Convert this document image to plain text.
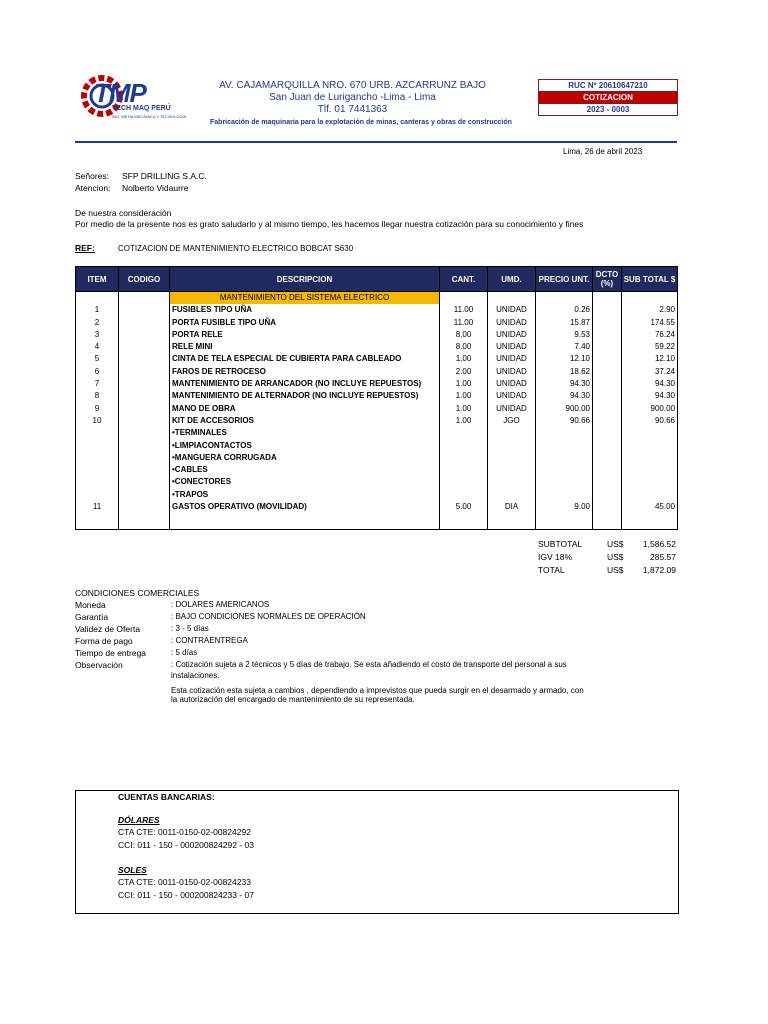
TMP
TECH MAQ PERÚ
ING. METALMECÁNICA Y TECNOLOGÍA
AV. CAJAMARQUILLA NRO. 670 URB. AZCARRUNZ BAJO
San Juan de Lurigancho -Lima - Lima
Tlf. 01 7441363
Fabricación de maquinaria para la explotación de minas, canteras y obras de construcción
RUC Nº 20610647210
COTIZACION
2023 - 0003
Lima, 26 de abril 2023
Señores: SFP DRILLING S.A.C.
Atencion: Nolberto Vidaurre
De nuestra consideración
Por medio de la presente nos es grato saludarlo y al mismo tiempo, les hacemos llegar nuestra cotización para su conocimiento y fines
REF:	COTIZACION DE MANTENIMIENTO ELECTRICO BOBCAT S630
ITEM	CODIGO	DESCRIPCION	CANT.	UMD.	PRECIO UNT.	DCTO (%)	SUB TOTAL $
		MANTENIMIENTO DEL SISTEMA ELECTRICO					
1		FUSIBLES TIPO UÑA	11.00	UNIDAD	0.26		2.90
2		PORTA FUSIBLE TIPO UÑA	11.00	UNIDAD	15.87		174.55
3		PORTA RELE	8.00	UNIDAD	9.53		76.24
4		RELE MINI	8.00	UNIDAD	7.40		59.22
5		CINTA DE TELA ESPECIAL DE CUBIERTA PARA CABLEADO	1.00	UNIDAD	12.10		12.10
6		FAROS DE RETROCESO	2.00	UNIDAD	18.62		37.24
7		MANTENIMIENTO DE ARRANCADOR (NO INCLUYE REPUESTOS)	1.00	UNIDAD	94.30		94.30
8		MANTENIMIENTO DE ALTERNADOR (NO INCLUYE REPUESTOS)	1.00	UNIDAD	94.30		94.30
9		MANO DE OBRA	1.00	UNIDAD	900.00		900.00
10		KIT DE ACCESORIOS	1.00	JGO	90.66		90.66
		•TERMINALES					
		•LIMPIACONTACTOS					
		•MANGUERA CORRUGADA					
		•CABLES					
		•CONECTORES					
		•TRAPOS					
11		GASTOS OPERATIVO (MOVILIDAD)	5.00	DIA	9.00		45.00
SUBTOTAL	US$	1,586.52
IGV 18%	US$	285.57
TOTAL	US$	1,872.09
CONDICIONES COMERCIALES
Moneda	: DOLARES AMERICANOS
Garantía	: BAJO CONDICIONES NORMALES DE OPERACIÓN
Validez de Oferta	: 3 - 5 días
Forma de pago	: CONTRAENTREGA
Tiempo de entrega	: 5 días
Observación	: Cotización sujeta a 2 técnicos y 5 días de trabajo. Se esta añadiendo el costo de transporte del personal a sus
instalaciones.
Esta cotización esta sujeta a cambios , dependiendo a imprevistos que pueda surgir en el desarmado y armado, con
la autorización del encargado de mantenimiento de su representada.
CUENTAS BANCARIAS:
DÓLARES
CTA CTE: 0011-0150-02-00824292
CCI: 011 - 150 - 000200824292 - 03
SOLES
CTA CTE: 0011-0150-02-00824233
CCI: 011 - 150 - 000200824233 - 07
